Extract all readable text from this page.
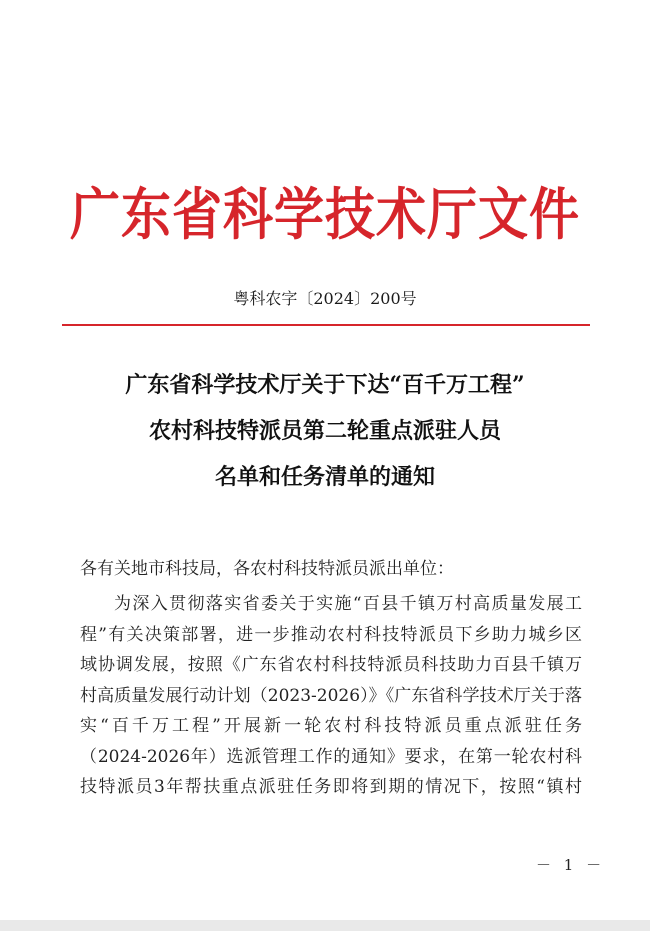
广东省科学技术厅文件
粤科农字〔2024〕200号
广东省科学技术厅关于下达“百千万工程”
农村科技特派员第二轮重点派驻人员
名单和任务清单的通知
各有关地市科技局，各农村科技特派员派出单位：
为深入贯彻落实省委关于实施“百县千镇万村高质量发展工
程”有关决策部署，进一步推动农村科技特派员下乡助力城乡区
域协调发展，按照《广东省农村科技特派员科技助力百县千镇万
村高质量发展行动计划（2023-2026）》《广东省科学技术厅关于落
实“百千万工程”开展新一轮农村科技特派员重点派驻任务
（2024-2026年）选派管理工作的通知》要求，在第一轮农村科
技特派员3年帮扶重点派驻任务即将到期的情况下，按照“镇村
－ 1 －
